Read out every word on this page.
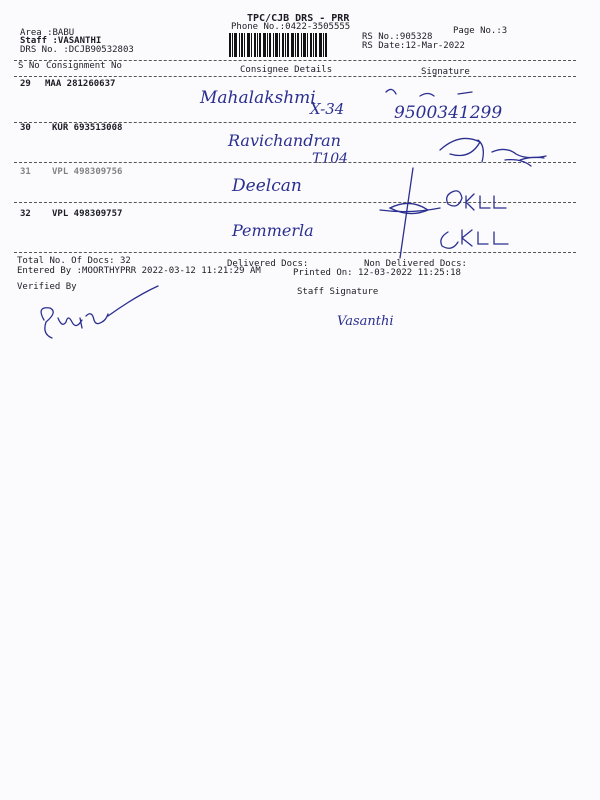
TPC/CJB DRS - PRR
Phone No.:0422-3505555	Page No.:3
Area :BABU
Staff :VASANTHI
DRS No. :DCJB90532803
RS No.:905328
RS Date:12-Mar-2022
S No Consignment No	Consignee Details	Signature
29 MAA 281260637
Mahalakshmi
X-34	9500341299
30 KUR 693513008
Ravichandran
T104
31 VPL 498309756
Deelcan
32 VPL 498309757
Pemmerla
Total No. Of Docs: 32	Delivered Docs:	Non Delivered Docs:
Entered By :MOORTHYPRR 2022-03-12 11:21:29 AM	Printed On: 12-03-2022 11:25:18
Verified By	Staff Signature
Vasanthi
